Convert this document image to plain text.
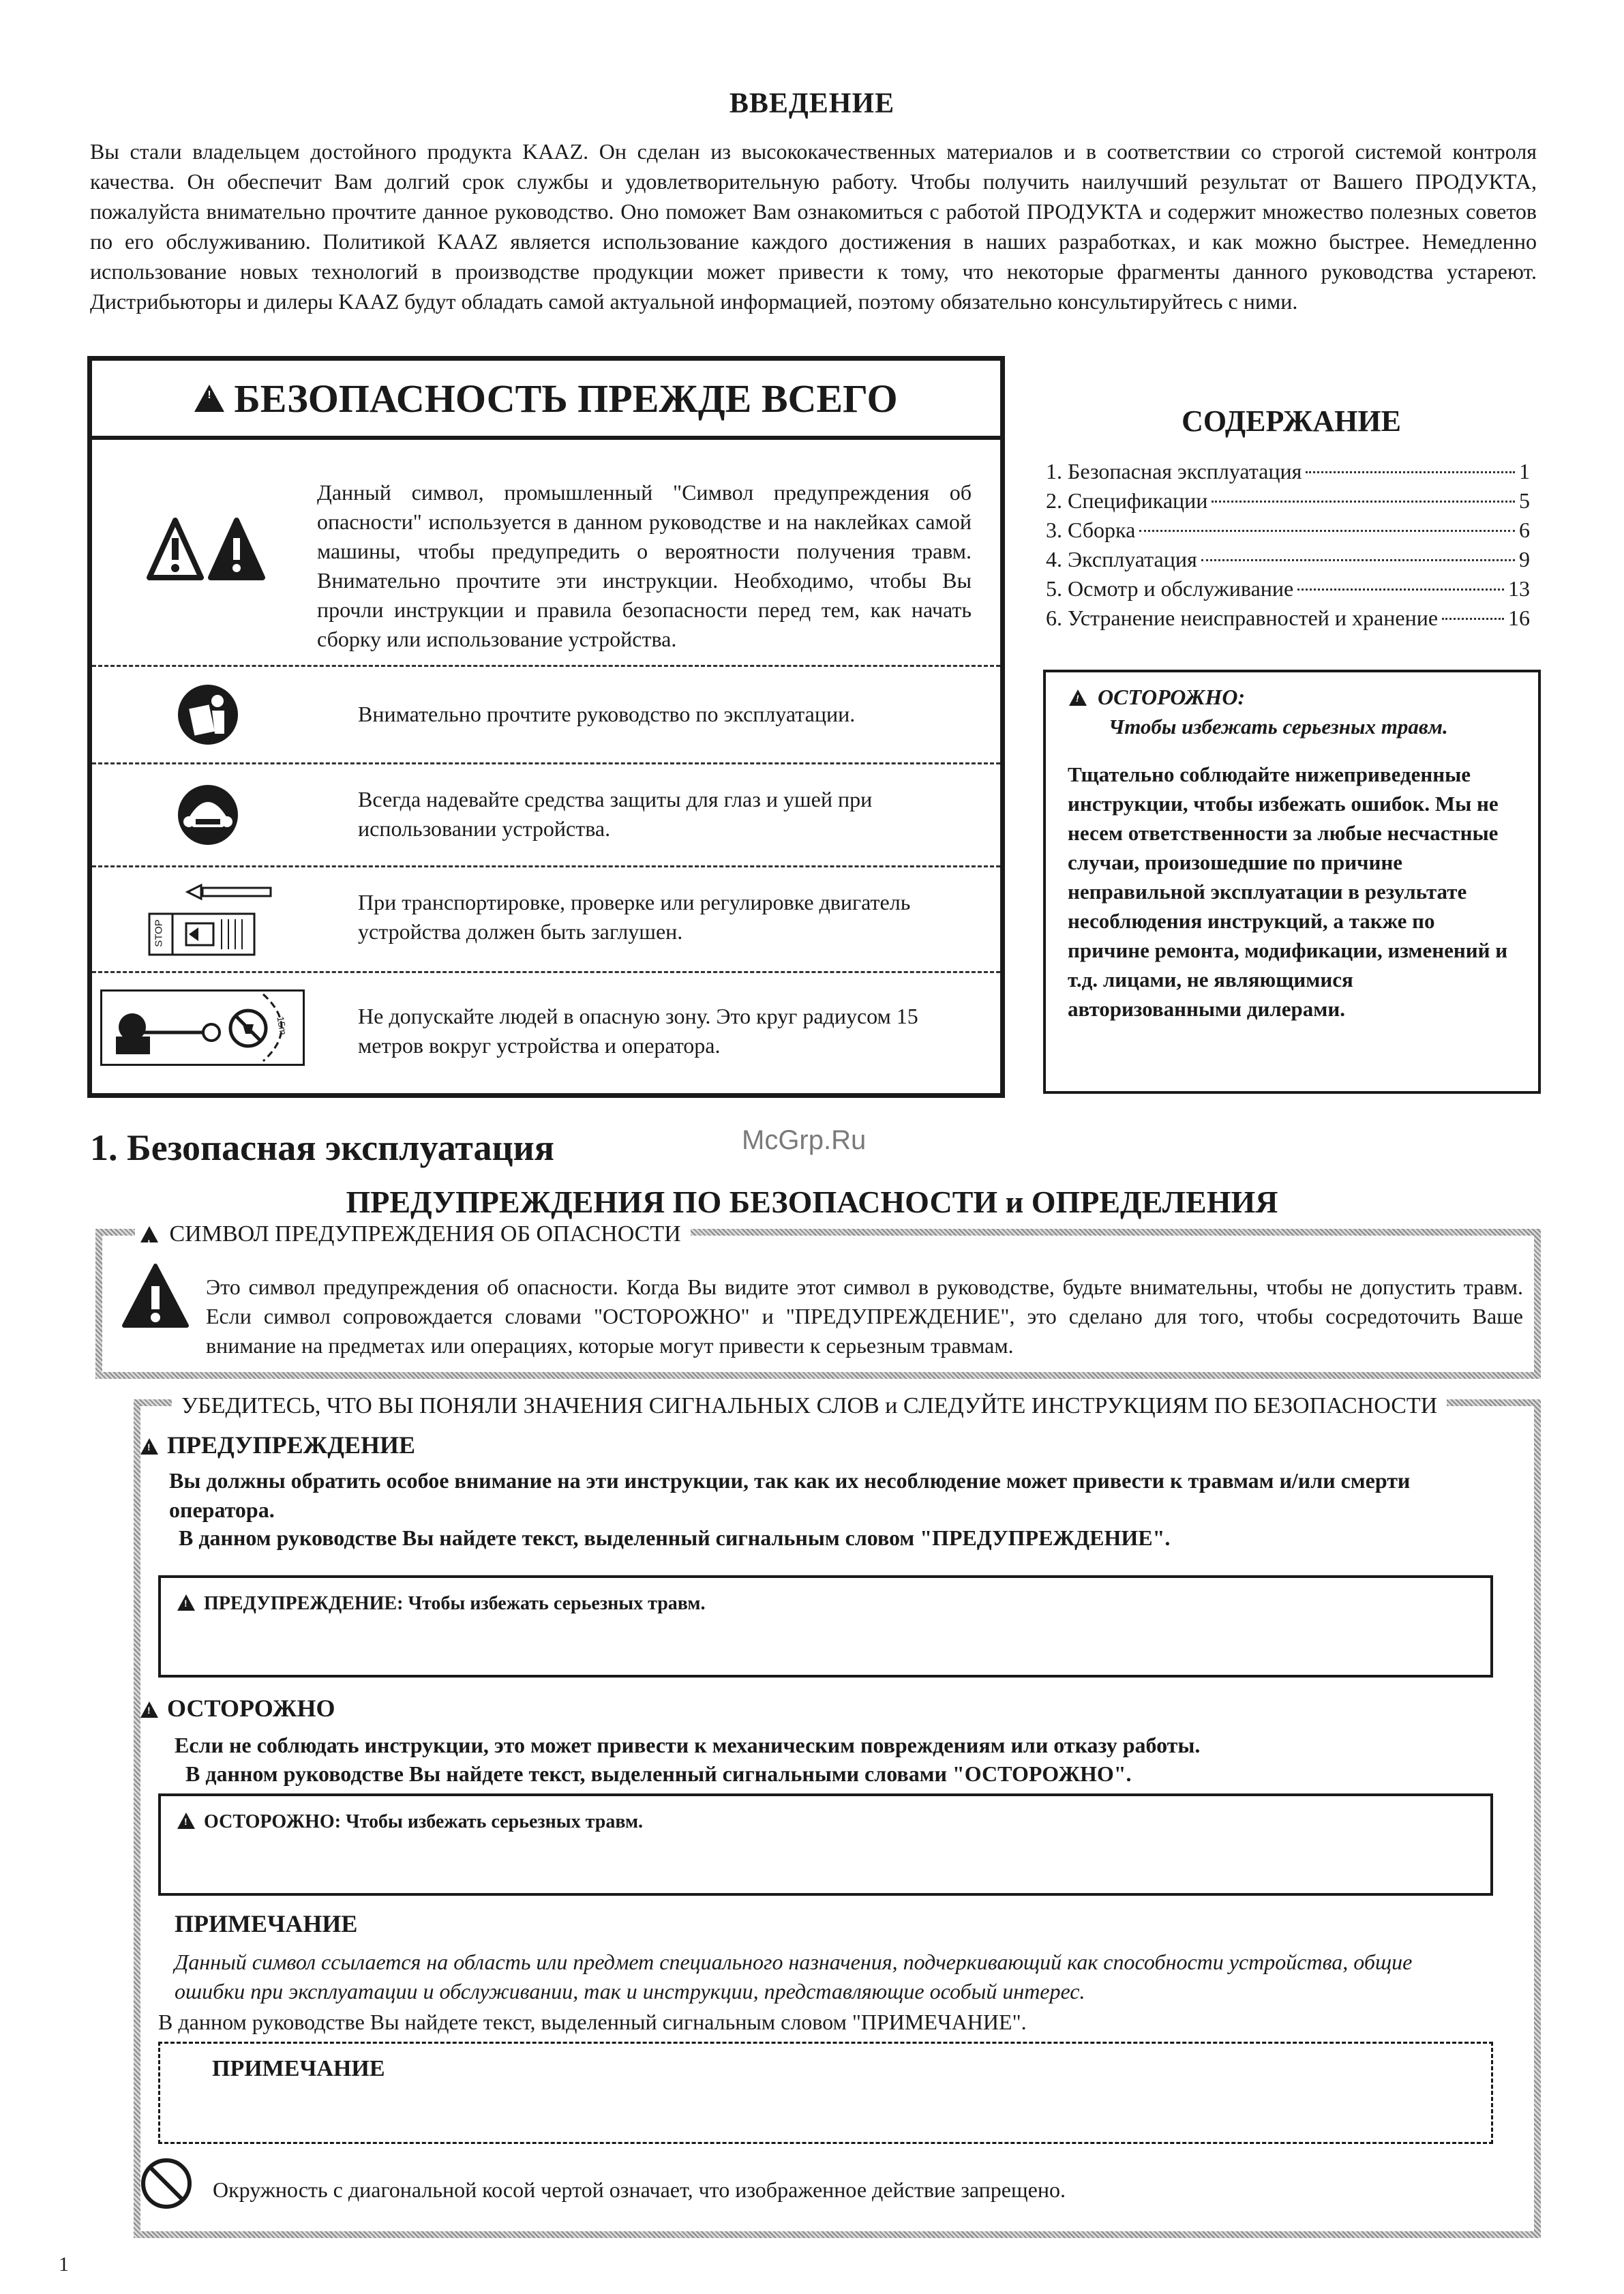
ВВЕДЕНИЕ
Вы стали владельцем достойного продукта KAAZ. Он сделан из высококачественных материалов и в соответствии со строгой системой контроля качества. Он обеспечит Вам долгий срок службы и удовлетворительную работу. Чтобы получить наилучший результат от Вашего ПРОДУКТА, пожалуйста внимательно прочтите данное руководство. Оно поможет Вам ознакомиться с работой ПРОДУКТА и содержит множество полезных советов по его обслуживанию. Политикой KAAZ является использование каждого достижения в наших разработках, и как можно быстрее. Немедленно использование новых технологий в производстве продукции может привести к тому, что некоторые фрагменты данного руководства устареют. Дистрибьюторы и дилеры KAAZ будут обладать самой актуальной информацией, поэтому обязательно консультируйтесь с ними.
!
БЕЗОПАСНОСТЬ ПРЕЖДЕ ВСЕГО
Данный символ, промышленный "Символ предупреждения об опасности" используется в данном руководстве и на наклейках самой машины, чтобы предупредить о вероятности получения травм. Внимательно прочтите эти инструкции. Необходимо, чтобы Вы прочли инструкции и правила безопасности перед тем, как начать сборку или использование устройства.
Внимательно прочтите руководство по эксплуатации.
Всегда надевайте средства защиты для глаз и ушей при использовании устройства.
STOP
При транспортировке, проверке или регулировке двигатель устройства должен быть заглушен.
15m	Не допускайте людей в опасную зону. Это круг радиусом 15 метров вокруг устройства и оператора.
СОДЕРЖАНИЕ
1. Безопасная эксплуатация	1
2. Спецификации	5
3. Сборка	6
4. Эксплуатация	9
5. Осмотр и обслуживание	13
6. Устранение неисправностей и хранение	16
! ОСТОРОЖНО:
Чтобы избежать серьезных травм.
Тщательно соблюдайте нижеприведенные инструкции, чтобы избежать ошибок. Мы не несем ответственности за любые несчастные случаи, произошедшие по причине неправильной эксплуатации в результате несоблюдения инструкций, а также по причине ремонта, модификации, изменений и т.д. лицами, не являющимися авторизованными дилерами.
McGrp.Ru
1. Безопасная эксплуатация
ПРЕДУПРЕЖДЕНИЯ ПО БЕЗОПАСНОСТИ и ОПРЕДЕЛЕНИЯ
! СИМВОЛ ПРЕДУПРЕЖДЕНИЯ ОБ ОПАСНОСТИ
Это символ предупреждения об опасности. Когда Вы видите этот символ в руководстве, будьте внимательны, чтобы не допустить травм. Если символ сопровождается словами "ОСТОРОЖНО" и "ПРЕДУПРЕЖДЕНИЕ", это сделано для того, чтобы сосредоточить Ваше внимание на предметах или операциях, которые могут привести к серьезным травмам.
УБЕДИТЕСЬ, ЧТО ВЫ ПОНЯЛИ ЗНАЧЕНИЯ СИГНАЛЬНЫХ СЛОВ и СЛЕДУЙТЕ ИНСТРУКЦИЯМ ПО БЕЗОПАСНОСТИ
! ПРЕДУПРЕЖДЕНИЕ
Вы должны обратить особое внимание на эти инструкции, так как их несоблюдение может привести к травмам и/или смерти оператора.
В данном руководстве Вы найдете текст, выделенный сигнальным словом "ПРЕДУПРЕЖДЕНИЕ".
! ПРЕДУПРЕЖДЕНИЕ: Чтобы избежать серьезных травм.
! ОСТОРОЖНО
Если не соблюдать инструкции, это может привести к механическим повреждениям или отказу работы.
В данном руководстве Вы найдете текст, выделенный сигнальными словами "ОСТОРОЖНО".
! ОСТОРОЖНО: Чтобы избежать серьезных травм.
ПРИМЕЧАНИЕ
Данный символ ссылается на область или предмет специального назначения, подчеркивающий как способности устройства, общие ошибки при эксплуатации и обслуживании, так и инструкции, представляющие особый интерес.
В данном руководстве Вы найдете текст, выделенный сигнальным словом "ПРИМЕЧАНИЕ".
ПРИМЕЧАНИЕ
Окружность с диагональной косой чертой означает, что изображенное действие запрещено.
1
